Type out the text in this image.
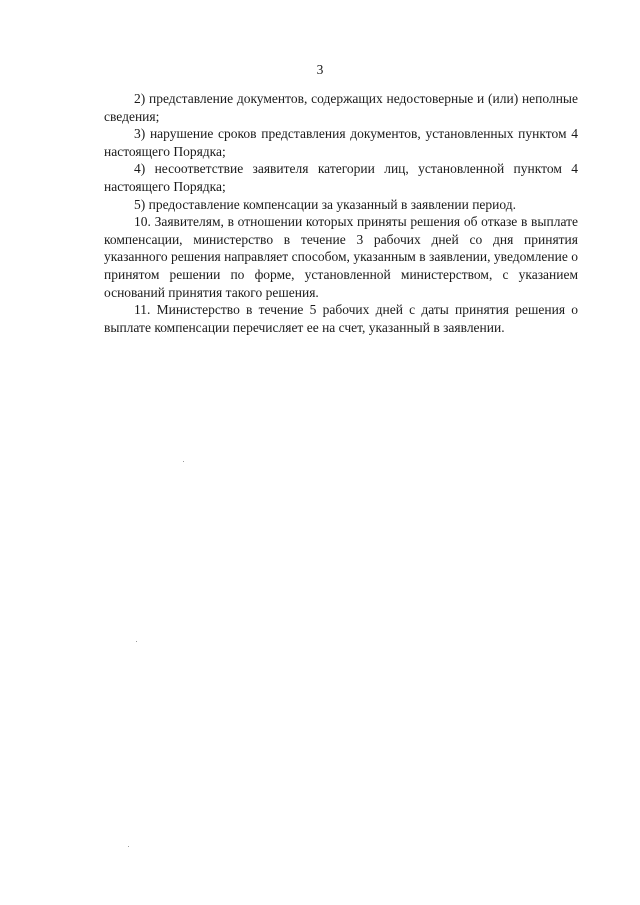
3

2) представление документов, содержащих недостоверные и (или) неполные сведения;

3) нарушение сроков представления документов, установленных пунктом 4 настоящего Порядка;

4) несоответствие заявителя категории лиц, установленной пунктом 4 настоящего Порядка;

5) предоставление компенсации за указанный в заявлении период.

10. Заявителям, в отношении которых приняты решения об отказе в выплате компенсации, министерство в течение 3 рабочих дней со дня принятия указанного решения направляет способом, указанным в заявлении, уведомление о принятом решении по форме, установленной министерством, с указанием оснований принятия такого решения.

11. Министерство в течение 5 рабочих дней с даты принятия решения о выплате компенсации перечисляет ее на счет, указанный в заявлении.
